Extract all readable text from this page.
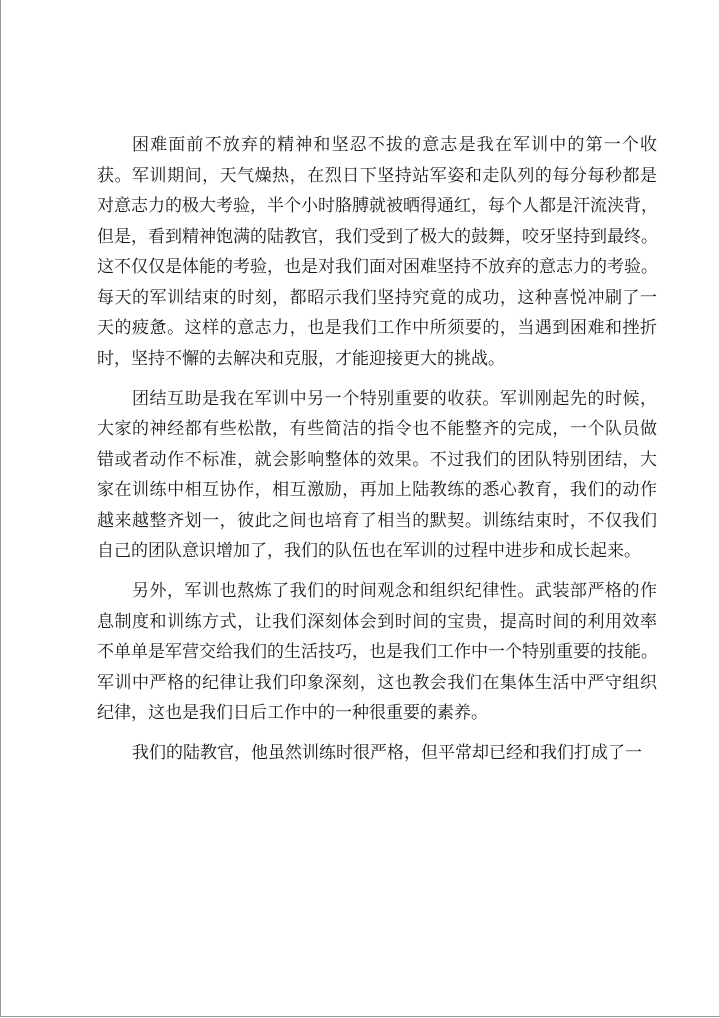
困难面前不放弃的精神和坚忍不拔的意志是我在军训中的第一个收
获。军训期间，天气燥热，在烈日下坚持站军姿和走队列的每分每秒都是
对意志力的极大考验，半个小时胳膊就被晒得通红，每个人都是汗流浃背，
但是，看到精神饱满的陆教官，我们受到了极大的鼓舞，咬牙坚持到最终。
这不仅仅是体能的考验，也是对我们面对困难坚持不放弃的意志力的考验。
每天的军训结束的时刻，都昭示我们坚持究竟的成功，这种喜悦冲刷了一
天的疲惫。这样的意志力，也是我们工作中所须要的，当遇到困难和挫折
时，坚持不懈的去解决和克服，才能迎接更大的挑战。
团结互助是我在军训中另一个特别重要的收获。军训刚起先的时候，
大家的神经都有些松散，有些简洁的指令也不能整齐的完成，一个队员做
错或者动作不标准，就会影响整体的效果。不过我们的团队特别团结，大
家在训练中相互协作，相互激励，再加上陆教练的悉心教育，我们的动作
越来越整齐划一，彼此之间也培育了相当的默契。训练结束时，不仅我们
自己的团队意识增加了，我们的队伍也在军训的过程中进步和成长起来。
另外，军训也熬炼了我们的时间观念和组织纪律性。武装部严格的作
息制度和训练方式，让我们深刻体会到时间的宝贵，提高时间的利用效率
不单单是军营交给我们的生活技巧，也是我们工作中一个特别重要的技能。
军训中严格的纪律让我们印象深刻，这也教会我们在集体生活中严守组织
纪律，这也是我们日后工作中的一种很重要的素养。
我们的陆教官，他虽然训练时很严格，但平常却已经和我们打成了一
